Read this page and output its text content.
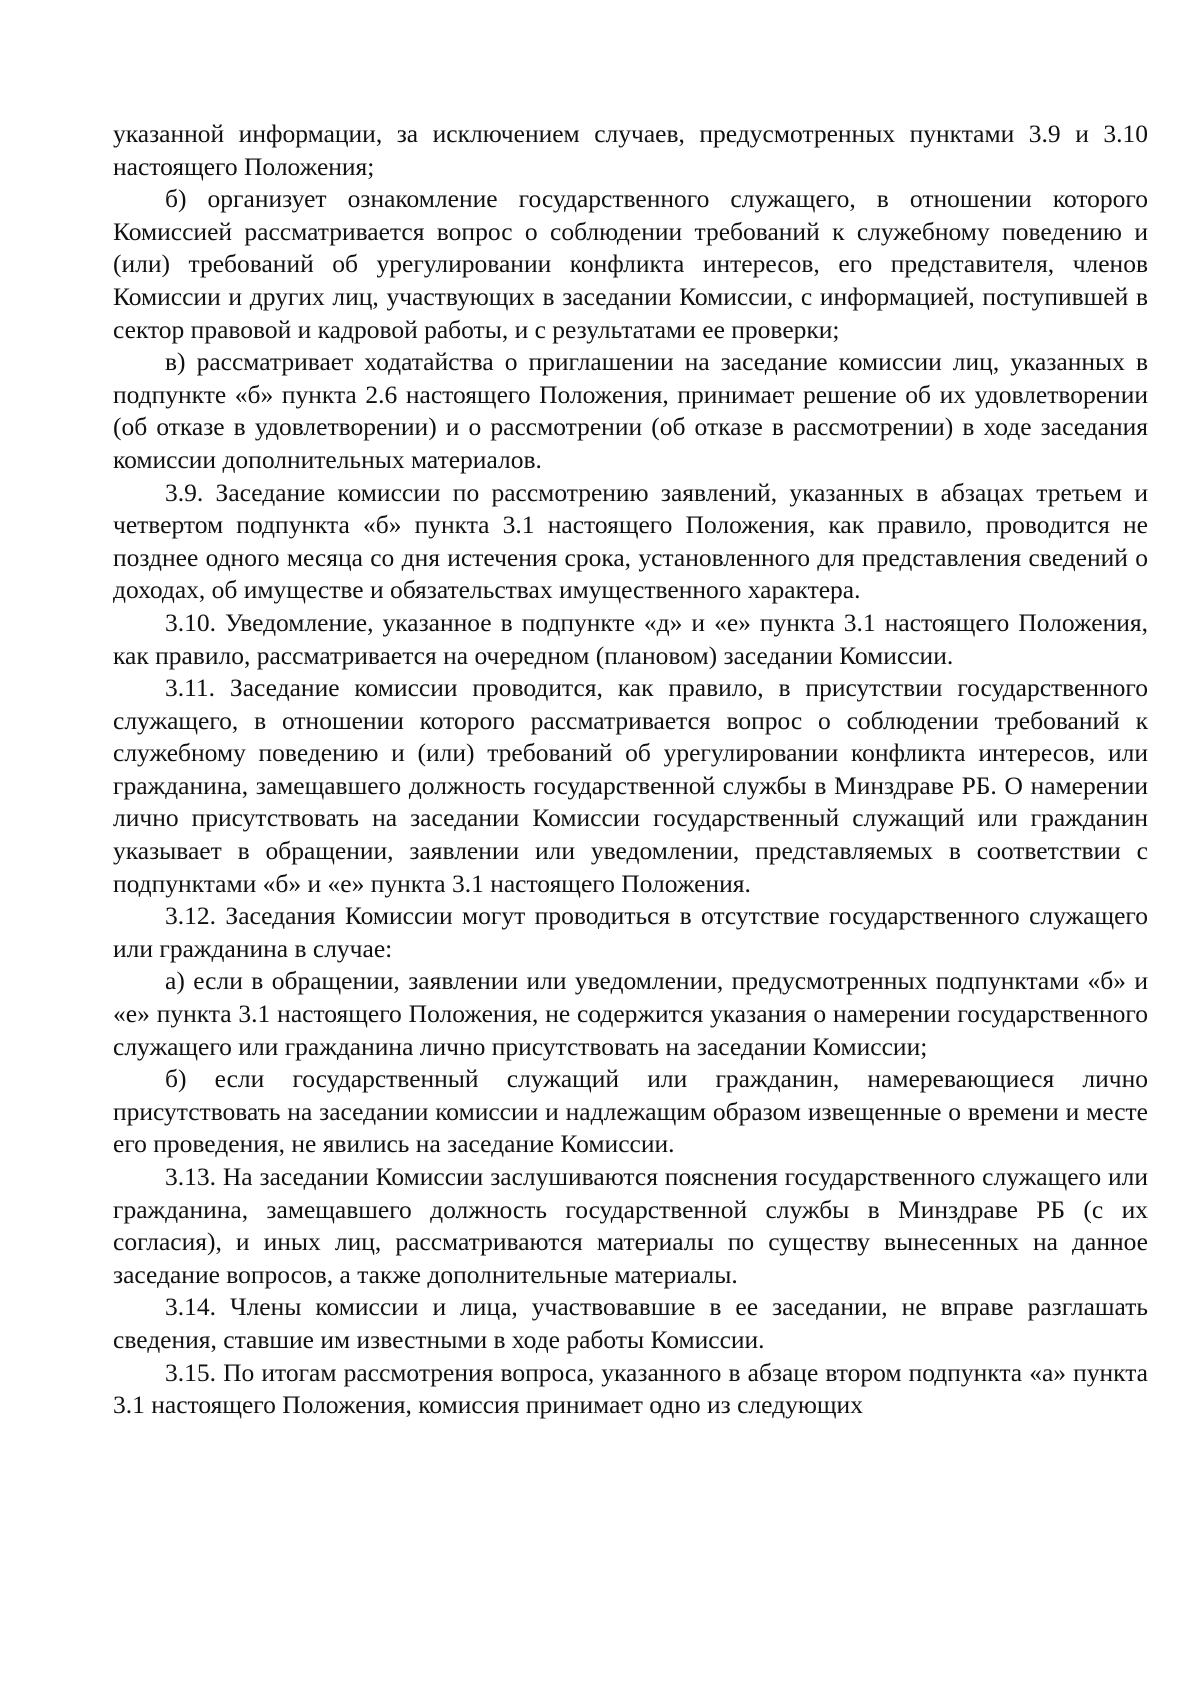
указанной информации, за исключением случаев, предусмотренных пунктами 3.9 и 3.10 настоящего Положения;

б) организует ознакомление государственного служащего, в отношении которого Комиссией рассматривается вопрос о соблюдении требований к служебному поведению и (или) требований об урегулировании конфликта интересов, его представителя, членов Комиссии и других лиц, участвующих в заседании Комиссии, с информацией, поступившей в сектор правовой и кадровой работы, и с результатами ее проверки;

в) рассматривает ходатайства о приглашении на заседание комиссии лиц, указанных в подпункте «б» пункта 2.6 настоящего Положения, принимает решение об их удовлетворении (об отказе в удовлетворении) и о рассмотрении (об отказе в рассмотрении) в ходе заседания комиссии дополнительных материалов.

3.9. Заседание комиссии по рассмотрению заявлений, указанных в абзацах третьем и четвертом подпункта «б» пункта 3.1 настоящего Положения, как правило, проводится не позднее одного месяца со дня истечения срока, установленного для представления сведений о доходах, об имуществе и обязательствах имущественного характера.

3.10. Уведомление, указанное в подпункте «д» и «е» пункта 3.1 настоящего Положения, как правило, рассматривается на очередном (плановом) заседании Комиссии.

3.11. Заседание комиссии проводится, как правило, в присутствии государственного служащего, в отношении которого рассматривается вопрос о соблюдении требований к служебному поведению и (или) требований об урегулировании конфликта интересов, или гражданина, замещавшего должность государственной службы в Минздраве РБ. О намерении лично присутствовать на заседании Комиссии государственный служащий или гражданин указывает в обращении, заявлении или уведомлении, представляемых в соответствии с подпунктами «б» и «е» пункта 3.1 настоящего Положения.

3.12. Заседания Комиссии могут проводиться в отсутствие государственного служащего или гражданина в случае:

а) если в обращении, заявлении или уведомлении, предусмотренных подпунктами «б» и «е» пункта 3.1 настоящего Положения, не содержится указания о намерении государственного служащего или гражданина лично присутствовать на заседании Комиссии;

б) если государственный служащий или гражданин, намеревающиеся лично присутствовать на заседании комиссии и надлежащим образом извещенные о времени и месте его проведения, не явились на заседание Комиссии.

3.13. На заседании Комиссии заслушиваются пояснения государственного служащего или гражданина, замещавшего должность государственной службы в Минздраве РБ (с их согласия), и иных лиц, рассматриваются материалы по существу вынесенных на данное заседание вопросов, а также дополнительные материалы.

3.14. Члены комиссии и лица, участвовавшие в ее заседании, не вправе разглашать сведения, ставшие им известными в ходе работы Комиссии.

3.15. По итогам рассмотрения вопроса, указанного в абзаце втором подпункта «а» пункта 3.1 настоящего Положения, комиссия принимает одно из следующих
